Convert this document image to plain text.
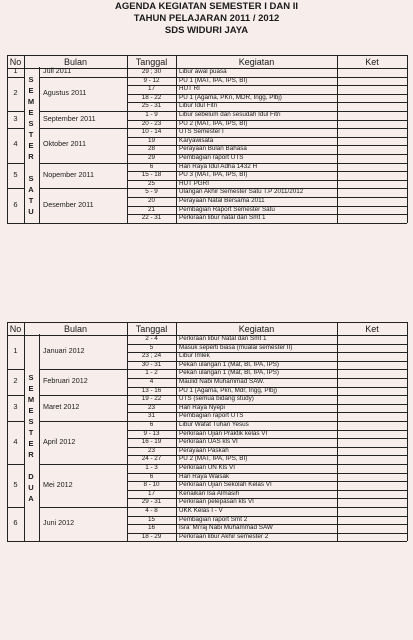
AGENDA KEGIATAN SEMESTER I DAN II
TAHUN PELAJARAN 2011 / 2012
SDS WIDURI JAYA
No	Bulan	Tanggal	Kegiatan	Ket
1	Juli 2011	29 ; 30	Libur awal puasa
2	Agustus 2011
9 - 12	PU 1 (MAT, IPA, IPS, BI)
17	HUT RI
18 - 22	PU 1 (Agama, PKn, MDR, Ingg, Plbj)
25 - 31	Libur Idul Fitri
3	September 2011	1 - 9	Libur sebelum dan sesudah Idul Fitri
20 - 23	PU 2 (MAT, IPA, IPS, BI)
4	Oktober 2011
10 - 14	UTS Semester I
19	Karyawisata
28	Perayaan Bulan Bahasa
29	Pembagian raport UTS
5	Nopember 2011
6	Hari Raya Idul Adha 1432 H
15 - 18	PU 3 (MAT, IPA, IPS, BI)
25	HUT PGRI
6	Desember 2011
5 - 9	Ulangan Akhir Semester Satu T.P 2011/2012
20	Perayaan Natal Bersama 2011
21	Pembagian Raport Semester Satu
22 - 31	Perkiraan libur natal dan Smt 1
S
E
M
E
S
T
E
R

S
A
T
U
No	Bulan	Tanggal	Kegiatan	Ket
1	Januari 2012
2 - 4	Perkiraan libur Natal dan Smt 1
5	Masuk seperti biasa (mualai semester II)
23 ; 24	Libur Imlek
30 - 31	Pekan ulangan 1 (Mat, BI, IPA, IPS)
2	Februari 2012
1 - 2	Pekan ulangan 1 (Mat, BI, IPA, IPS)
4	Maulid Nabi Muhammad SAW.
13 - 16	PU 1 (Agama, Pkn, Mdr, Ingg, Plbj)
3	Maret 2012
19 - 22	UTS (semua bidang study)
23	Hari Raya Nyepi
31	Pembagian raport UTS
4	April 2012
6	Libur Wafat Tuhan Yesus
9 - 13	Perkiraan Ujian Praktik kelas VI
16 - 19	Perkiraan UAS kls VI
23	Perayaan Paskah
24 - 27	PU 2 (MAT, IPA, IPS, BI)
5	Mei 2012
1 - 3	Perkiraan UN Kls VI
6	Hari Raya Waisak
8 - 10	Perkiraan Ujian Sekolah Kelas VI
17	Kenaikan Isa Almasih
29 - 31	Perkiraan pelepasan kls VI
6	Juni 2012
4 - 8	UKK Kelas I - V
15	Pembagian raport Smt 2
16	Isra' Mi'raj Nabi Muhammad SAW
18 - 29	Perkiraan libur Akhir semester 2
S
E
M
E
S
T
E
R

D
U
A
